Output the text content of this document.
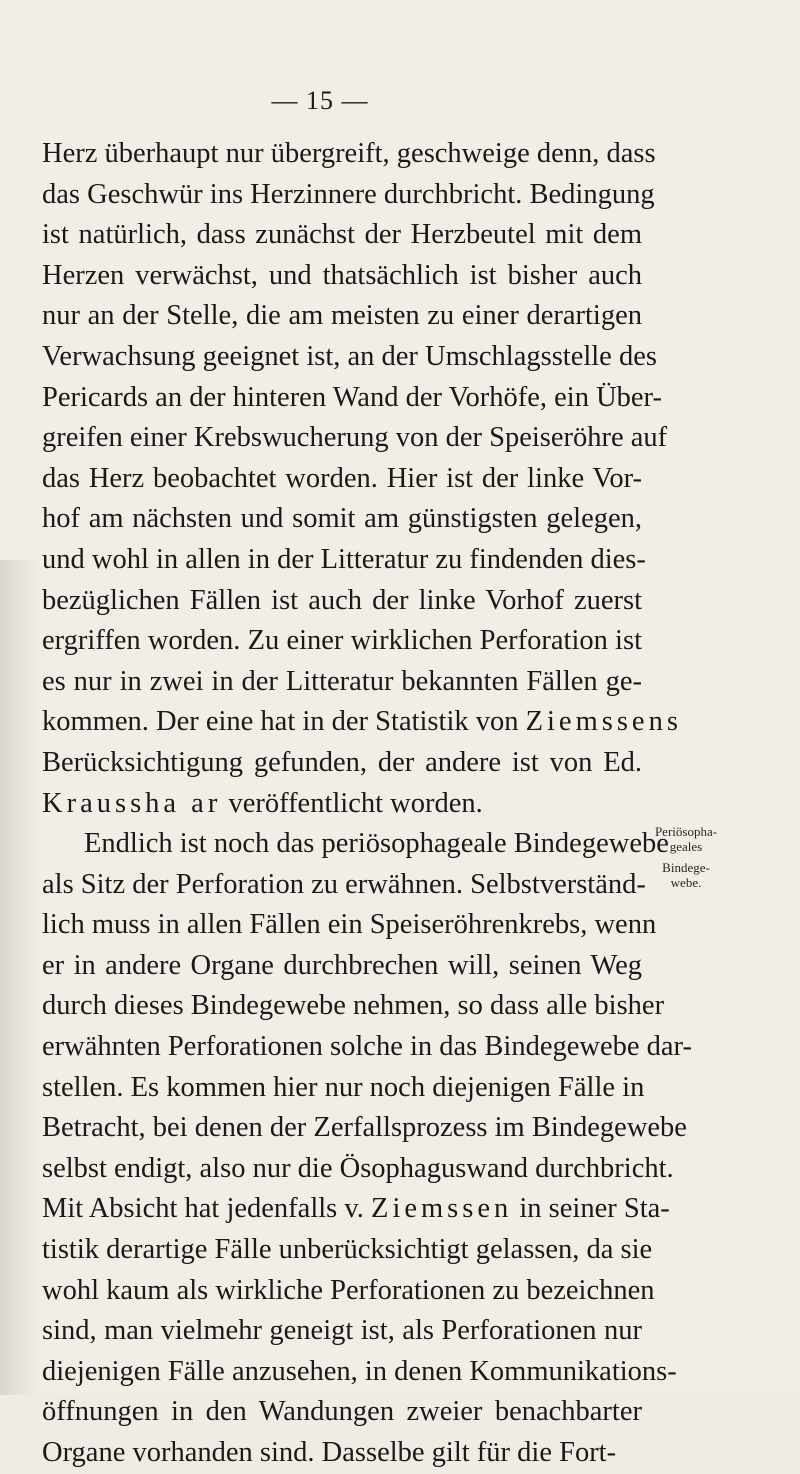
— 15 —
Herz überhaupt nur übergreift, geschweige denn, dass
das Geschwür ins Herzinnere durchbricht. Bedingung
ist natürlich, dass zunächst der Herzbeutel mit dem
Herzen verwächst, und thatsächlich ist bisher auch
nur an der Stelle, die am meisten zu einer derartigen
Verwachsung geeignet ist, an der Umschlagsstelle des
Pericards an der hinteren Wand der Vorhöfe, ein Über-
greifen einer Krebswucherung von der Speiseröhre auf
das Herz beobachtet worden. Hier ist der linke Vor-
hof am nächsten und somit am günstigsten gelegen,
und wohl in allen in der Litteratur zu findenden dies-
bezüglichen Fällen ist auch der linke Vorhof zuerst
ergriffen worden. Zu einer wirklichen Perforation ist
es nur in zwei in der Litteratur bekannten Fällen ge-
kommen. Der eine hat in der Statistik von Ziemssens
Berücksichtigung gefunden, der andere ist von Ed.
Kraussha ar veröffentlicht worden.
Endlich ist noch das periösophageale Bindegewebe
als Sitz der Perforation zu erwähnen. Selbstverständ-
lich muss in allen Fällen ein Speiseröhrenkrebs, wenn
er in andere Organe durchbrechen will, seinen Weg
durch dieses Bindegewebe nehmen, so dass alle bisher
erwähnten Perforationen solche in das Bindegewebe dar-
stellen. Es kommen hier nur noch diejenigen Fälle in
Betracht, bei denen der Zerfallsprozess im Bindegewebe
selbst endigt, also nur die Ösophaguswand durchbricht.
Mit Absicht hat jedenfalls v. Ziemssen in seiner Sta-
tistik derartige Fälle unberücksichtigt gelassen, da sie
wohl kaum als wirkliche Perforationen zu bezeichnen
sind, man vielmehr geneigt ist, als Perforationen nur
diejenigen Fälle anzusehen, in denen Kommunikations-
öffnungen in den Wandungen zweier benachbarter
Organe vorhanden sind. Dasselbe gilt für die Fort-
Periösopha-
geales
Bindege-
webe.
